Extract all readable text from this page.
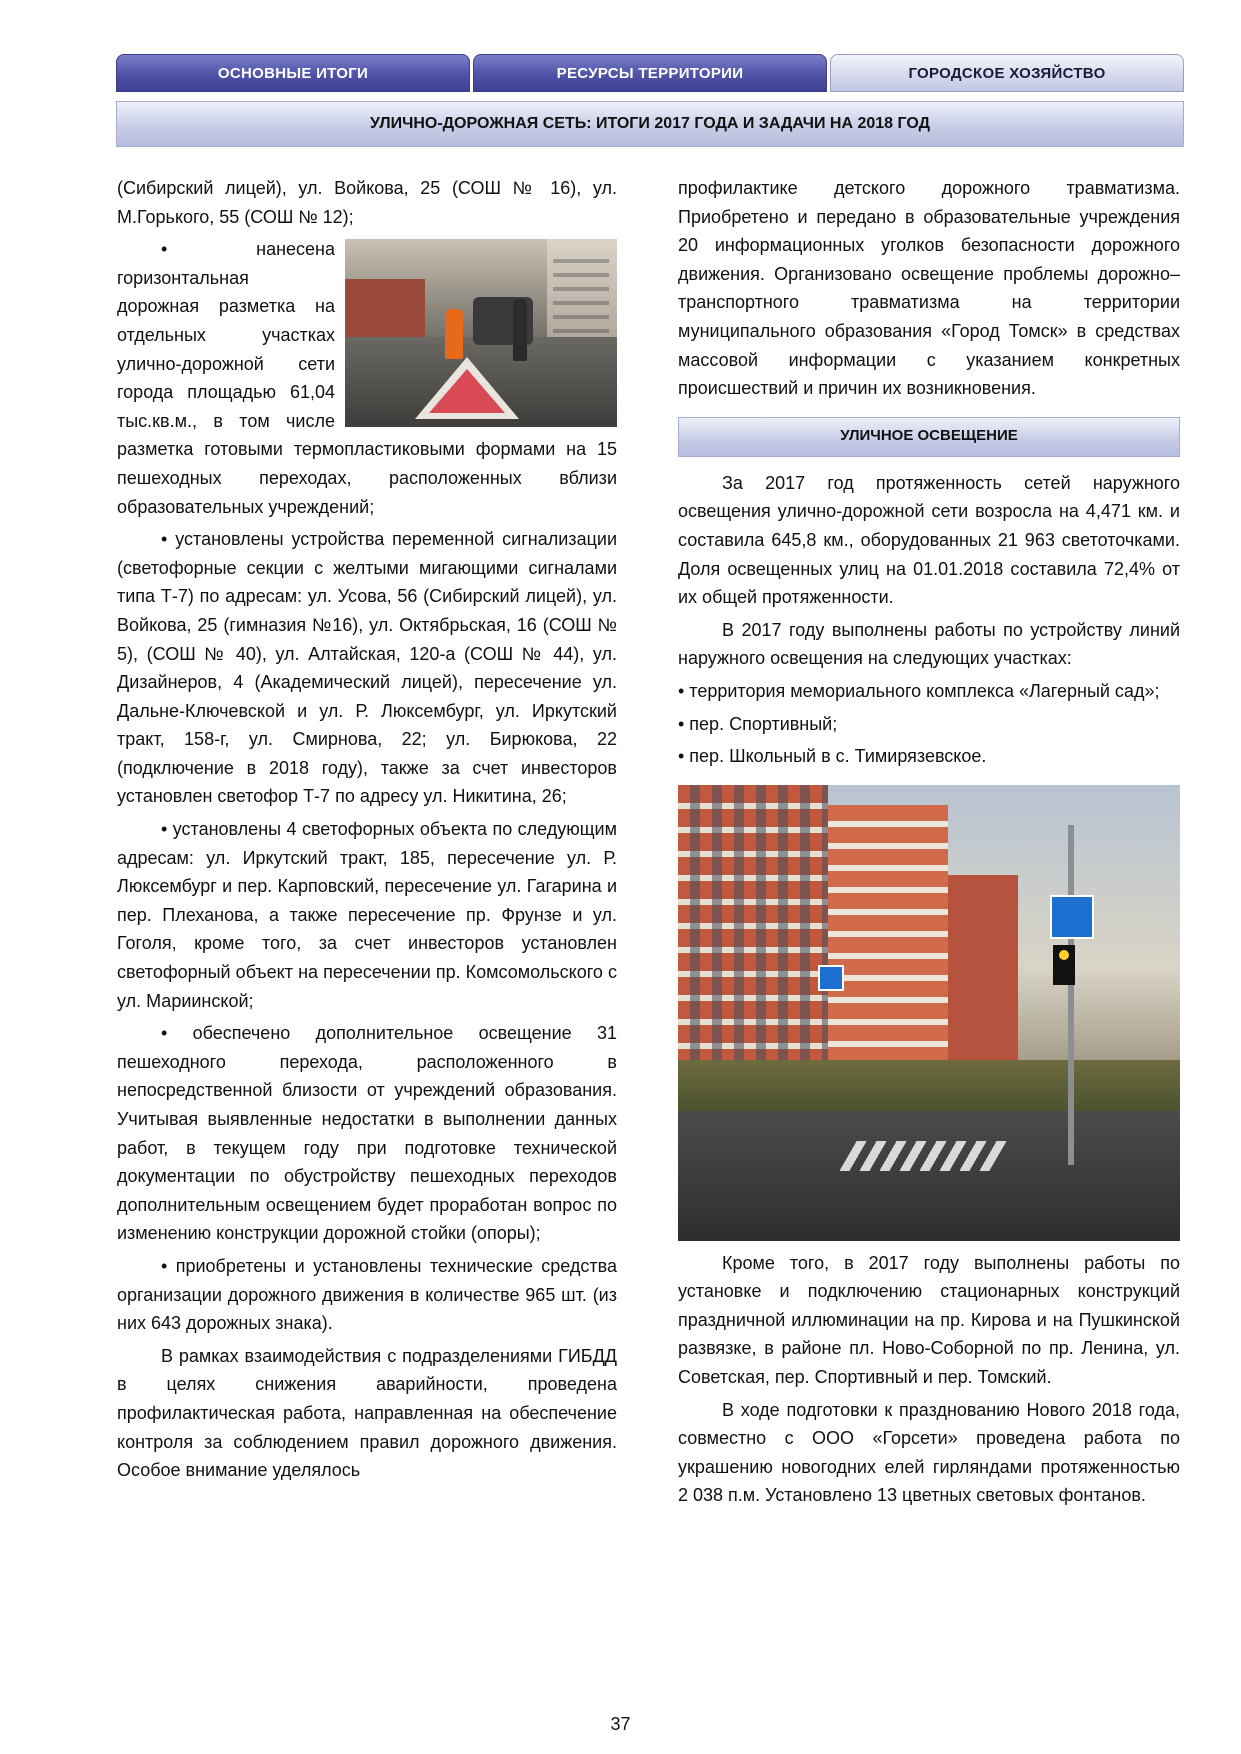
ОСНОВНЫЕ ИТОГИ	РЕСУРСЫ ТЕРРИТОРИИ	ГОРОДСКОЕ ХОЗЯЙСТВО
УЛИЧНО-ДОРОЖНАЯ СЕТЬ: ИТОГИ 2017 ГОДА И ЗАДАЧИ НА 2018 ГОД

(Сибирский лицей), ул. Войкова, 25 (СОШ № 16), ул. М.Горького, 55 (СОШ № 12);

• нанесена горизонтальная дорожная разметка на отдельных участках улично-дорожной сети города площадью 61,04 тыс.кв.м., в том числе разметка готовыми термопластиковыми формами на 15 пешеходных переходах, расположенных вблизи образовательных учреждений;

• установлены устройства переменной сигнализации (светофорные секции с желтыми мигающими сигналами типа Т-7) по адресам: ул. Усова, 56 (Сибирский лицей), ул. Войкова, 25 (гимназия №16), ул. Октябрьская, 16 (СОШ № 5), (СОШ № 40), ул. Алтайская, 120-а (СОШ № 44), ул. Дизайнеров, 4 (Академический лицей), пересечение ул. Дальне-Ключевской и ул. Р. Люксембург, ул. Иркутский тракт, 158-г, ул. Смирнова, 22; ул. Бирюкова, 22 (подключение в 2018 году), также за счет инвесторов установлен светофор Т-7 по адресу ул. Никитина, 26;

• установлены 4 светофорных объекта по следующим адресам: ул. Иркутский тракт, 185, пересечение ул. Р. Люксембург и пер. Карповский, пересечение ул. Гагарина и пер. Плеханова, а также пересечение пр. Фрунзе и ул. Гоголя, кроме того, за счет инвесторов установлен светофорный объект на пересечении пр. Комсомольского с ул. Мариинской;

• обеспечено дополнительное освещение 31 пешеходного перехода, расположенного в непосредственной близости от учреждений образования. Учитывая выявленные недостатки в выполнении данных работ, в текущем году при подготовке технической документации по обустройству пешеходных переходов дополнительным освещением будет проработан вопрос по изменению конструкции дорожной стойки (опоры);

• приобретены и установлены технические средства организации дорожного движения в количестве 965 шт. (из них 643 дорожных знака).

В рамках взаимодействия с подразделениями ГИБДД в целях снижения аварийности, проведена профилактическая работа, направленная на обеспечение контроля за соблюдением правил дорожного движения. Особое внимание уделялось

профилактике детского дорожного травматизма. Приобретено и передано в образовательные учреждения 20 информационных уголков безопасности дорожного движения. Организовано освещение проблемы дорожно–транспортного травматизма на территории муниципального образования «Город Томск» в средствах массовой информации с указанием конкретных происшествий и причин их возникновения.

УЛИЧНОЕ ОСВЕЩЕНИЕ

За 2017 год протяженность сетей наружного освещения улично-дорожной сети возросла на 4,471 км. и составила 645,8 км., оборудованных 21 963 светоточками. Доля освещенных улиц на 01.01.2018 составила 72,4% от их общей протяженности.

В 2017 году выполнены работы по устройству линий наружного освещения на следующих участках:

• территория мемориального комплекса «Лагерный сад»;

• пер. Спортивный;

• пер. Школьный в с. Тимирязевское.

Кроме того, в 2017 году выполнены работы по установке и подключению стационарных конструкций праздничной иллюминации на пр. Кирова и на Пушкинской развязке, в районе пл. Ново-Соборной по пр. Ленина, ул. Советская, пер. Спортивный и пер. Томский.

В ходе подготовки к празднованию Нового 2018 года, совместно с ООО «Горсети» проведена работа по украшению новогодних елей гирляндами протяженностью 2 038 п.м. Установлено 13 цветных световых фонтанов.

37
